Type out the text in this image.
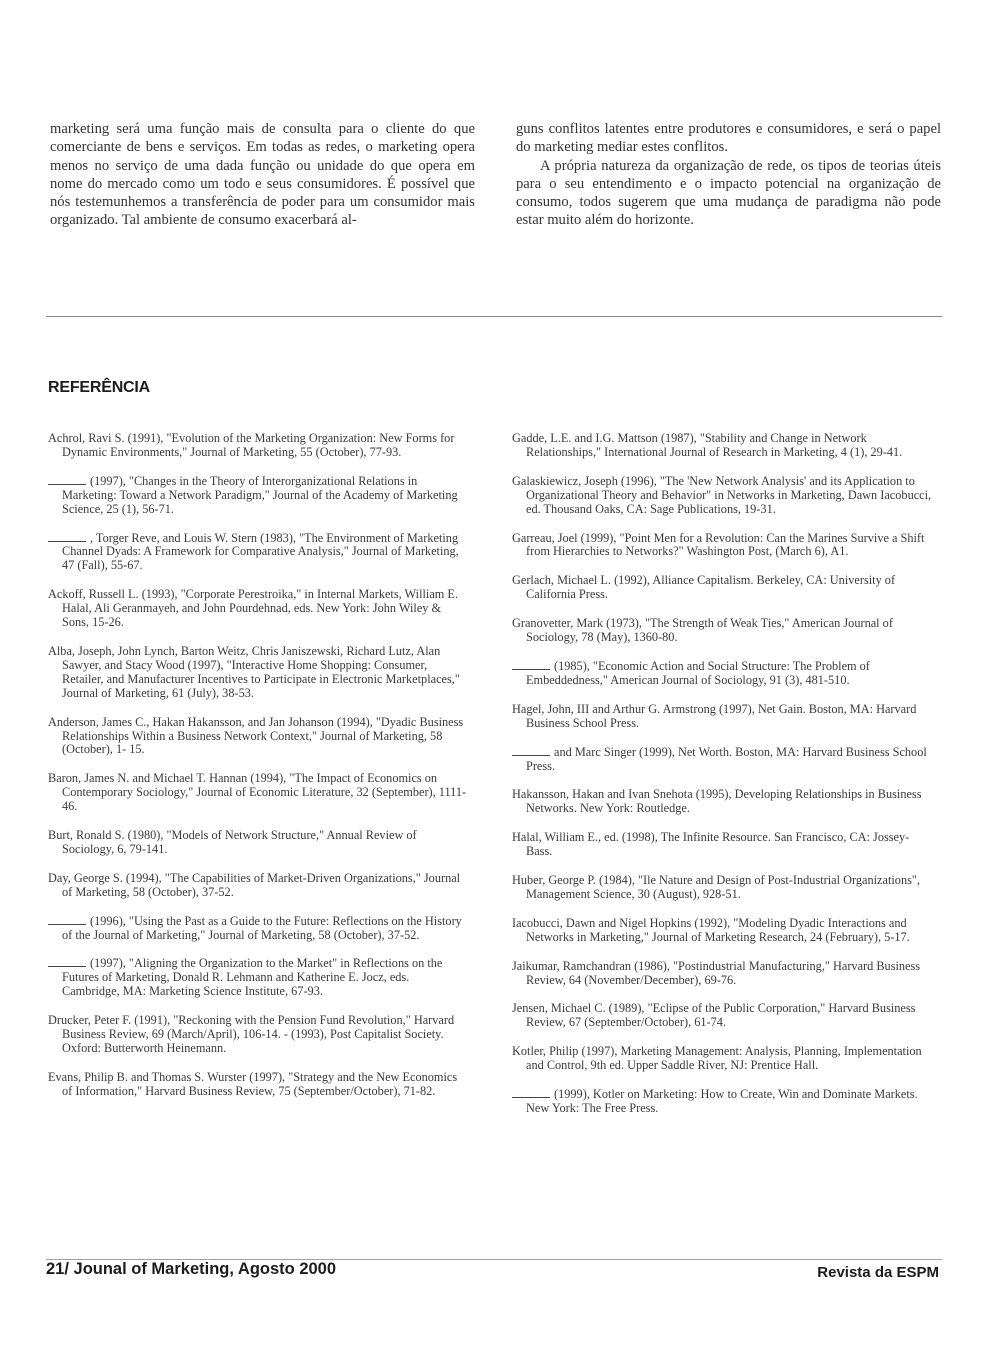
marketing será uma função mais de consulta para o cliente do que comerciante de bens e serviços. Em todas as redes, o marketing opera menos no serviço de uma dada função ou unidade do que opera em nome do mercado como um todo e seus consumidores. É possível que nós testemunhemos a transferência de poder para um consumidor mais organizado. Tal ambiente de consumo exacerbará al-

guns conflitos latentes entre produtores e consumidores, e será o papel do marketing mediar estes conflitos.

A própria natureza da organização de rede, os tipos de teorias úteis para o seu entendimento e o impacto potencial na organização de consumo, todos sugerem que uma mudança de paradigma não pode estar muito além do horizonte.

REFERÊNCIA

Achrol, Ravi S. (1991), "Evolution of the Marketing Organization: New Forms for Dynamic Environments," Journal of Marketing, 55 (October), 77-93.

(1997), "Changes in the Theory of Interorganizational Relations in Marketing: Toward a Network Paradigm," Journal of the Academy of Marketing Science, 25 (1), 56-71.

, Torger Reve, and Louis W. Stern (1983), "The Environment of Marketing Channel Dyads: A Framework for Comparative Analysis," Journal of Marketing, 47 (Fall), 55-67.

Ackoff, Russell L. (1993), "Corporate Perestroika," in Internal Markets, William E. Halal, Ali Geranmayeh, and John Pourdehnad, eds. New York: John Wiley & Sons, 15-26.

Alba, Joseph, John Lynch, Barton Weitz, Chris Janiszewski, Richard Lutz, Alan Sawyer, and Stacy Wood (1997), "Interactive Home Shopping: Consumer, Retailer, and Manufacturer Incentives to Participate in Electronic Marketplaces," Journal of Marketing, 61 (July), 38-53.

Anderson, James C., Hakan Hakansson, and Jan Johanson (1994), "Dyadic Business Relationships Within a Business Network Context," Journal of Marketing, 58 (October), 1- 15.

Baron, James N. and Michael T. Hannan (1994), "The Impact of Economics on Contemporary Sociology," Journal of Economic Literature, 32 (September), 1111-46.

Burt, Ronald S. (1980), "Models of Network Structure," Annual Review of Sociology, 6, 79-141.

Day, George S. (1994), "The Capabilities of Market-Driven Organizations," Journal of Marketing, 58 (October), 37-52.

(1996), "Using the Past as a Guide to the Future: Reflections on the History of the Journal of Marketing," Journal of Marketing, 58 (October), 37-52.

(1997), "Aligning the Organization to the Market" in Reflections on the Futures of Marketing, Donald R. Lehmann and Katherine E. Jocz, eds. Cambridge, MA: Marketing Science Institute, 67-93.

Drucker, Peter F. (1991), "Reckoning with the Pension Fund Revolution," Harvard Business Review, 69 (March/April), 106-14. - (1993), Post Capitalist Society. Oxford: Butterworth Heinemann.

Evans, Philip B. and Thomas S. Wurster (1997), "Strategy and the New Economics of Information," Harvard Business Review, 75 (September/October), 71-82.

Gadde, L.E. and I.G. Mattson (1987), "Stability and Change in Network Relationships," International Journal of Research in Marketing, 4 (1), 29-41.

Galaskiewicz, Joseph (1996), "The 'New Network Analysis' and its Application to Organizational Theory and Behavior" in Networks in Marketing, Dawn Iacobucci, ed. Thousand Oaks, CA: Sage Publications, 19-31.

Garreau, Joel (1999), "Point Men for a Revolution: Can the Marines Survive a Shift from Hierarchies to Networks?" Washington Post, (March 6), A1.

Gerlach, Michael L. (1992), Alliance Capitalism. Berkeley, CA: University of California Press.

Granovetter, Mark (1973), "The Strength of Weak Ties," American Journal of Sociology, 78 (May), 1360-80.

(1985), "Economic Action and Social Structure: The Problem of Embeddedness," American Journal of Sociology, 91 (3), 481-510.

Hagel, John, III and Arthur G. Armstrong (1997), Net Gain. Boston, MA: Harvard Business School Press.

and Marc Singer (1999), Net Worth. Boston, MA: Harvard Business School Press.

Hakansson, Hakan and Ivan Snehota (1995), Developing Relationships in Business Networks. New York: Routledge.

Halal, William E., ed. (1998), The Infinite Resource. San Francisco, CA: Jossey-Bass.

Huber, George P. (1984), "Ile Nature and Design of Post-Industrial Organizations", Management Science, 30 (August), 928-51.

Iacobucci, Dawn and Nigel Hopkins (1992), "Modeling Dyadic Interactions and Networks in Marketing," Journal of Marketing Research, 24 (February), 5-17.

Jaikumar, Ramchandran (1986), "Postindustrial Manufacturing," Harvard Business Review, 64 (November/December), 69-76.

Jensen, Michael C. (1989), "Eclipse of the Public Corporation," Harvard Business Review, 67 (September/October), 61-74.

Kotler, Philip (1997), Marketing Management: Analysis, Planning, Implementation and Control, 9th ed. Upper Saddle River, NJ: Prentice Hall.

(1999), Kotler on Marketing: How to Create, Win and Dominate Markets. New York: The Free Press.

21/ Jounal of Marketing, Agosto 2000	Revista da ESPM
